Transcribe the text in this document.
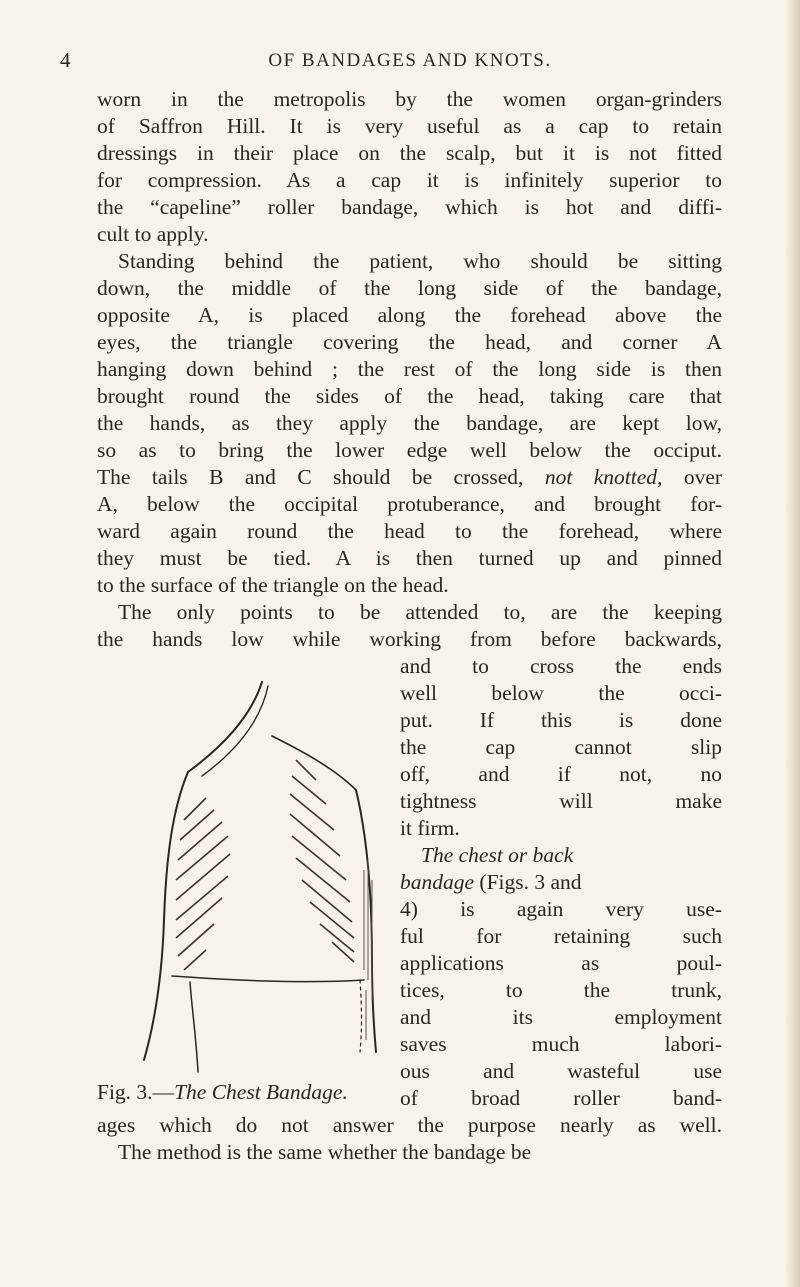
4	OF BANDAGES AND KNOTS.
worn in the metropolis by the women organ-grinders
of Saffron Hill. It is very useful as a cap to retain
dressings in their place on the scalp, but it is not fitted
for compression. As a cap it is infinitely superior to
the “capeline” roller bandage, which is hot and diffi-
cult to apply.
Standing behind the patient, who should be sitting
down, the middle of the long side of the bandage,
opposite A, is placed along the forehead above the
eyes, the triangle covering the head, and corner A
hanging down behind ; the rest of the long side is then
brought round the sides of the head, taking care that
the hands, as they apply the bandage, are kept low,
so as to bring the lower edge well below the occiput.
The tails B and C should be crossed, not knotted, over
A, below the occipital protuberance, and brought for-
ward again round the head to the forehead, where
they must be tied. A is then turned up and pinned
to the surface of the triangle on the head.
The only points to be attended to, are the keeping
the hands low while working from before backwards,
and to cross the ends
well below the occi-
put. If this is done
the cap cannot slip
off, and if not, no
tightness will make
it firm.
The chest or back
bandage (Figs. 3 and
4) is again very use-
ful for retaining such
applications as poul-
tices, to the trunk,
and its employment
saves much labori-
ous and wasteful use
of broad roller band-
Fig. 3.—The Chest Bandage.
ages which do not answer the purpose nearly as well.
The method is the same whether the bandage be
